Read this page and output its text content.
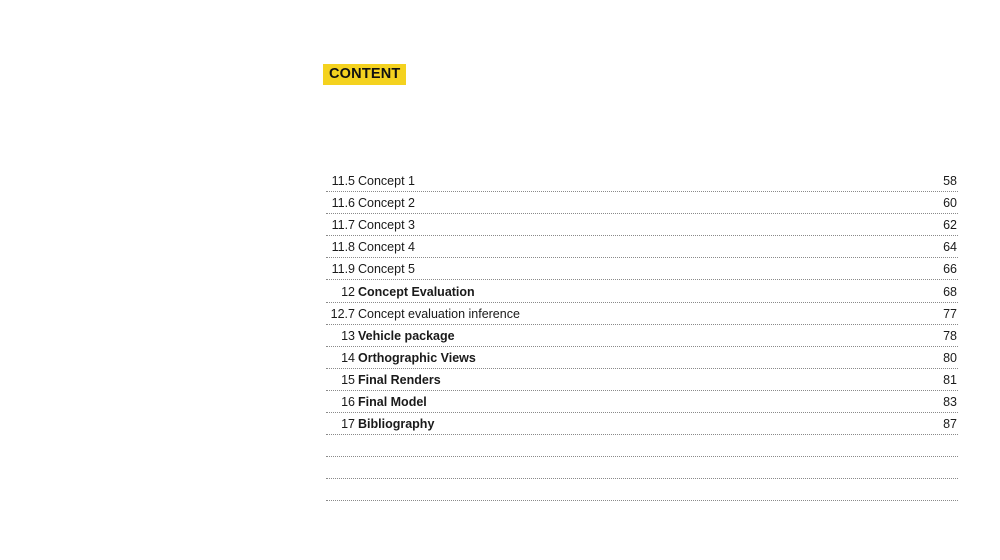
CONTENT
11.5 Concept 1	58
11.6 Concept 2	60
11.7 Concept 3	62
11.8 Concept 4	64
11.9 Concept 5	66
12 Concept Evaluation	68
12.7 Concept evaluation inference	77
13 Vehicle package	78
14 Orthographic Views	80
15 Final Renders	81
16 Final Model	83
17 Bibliography	87
